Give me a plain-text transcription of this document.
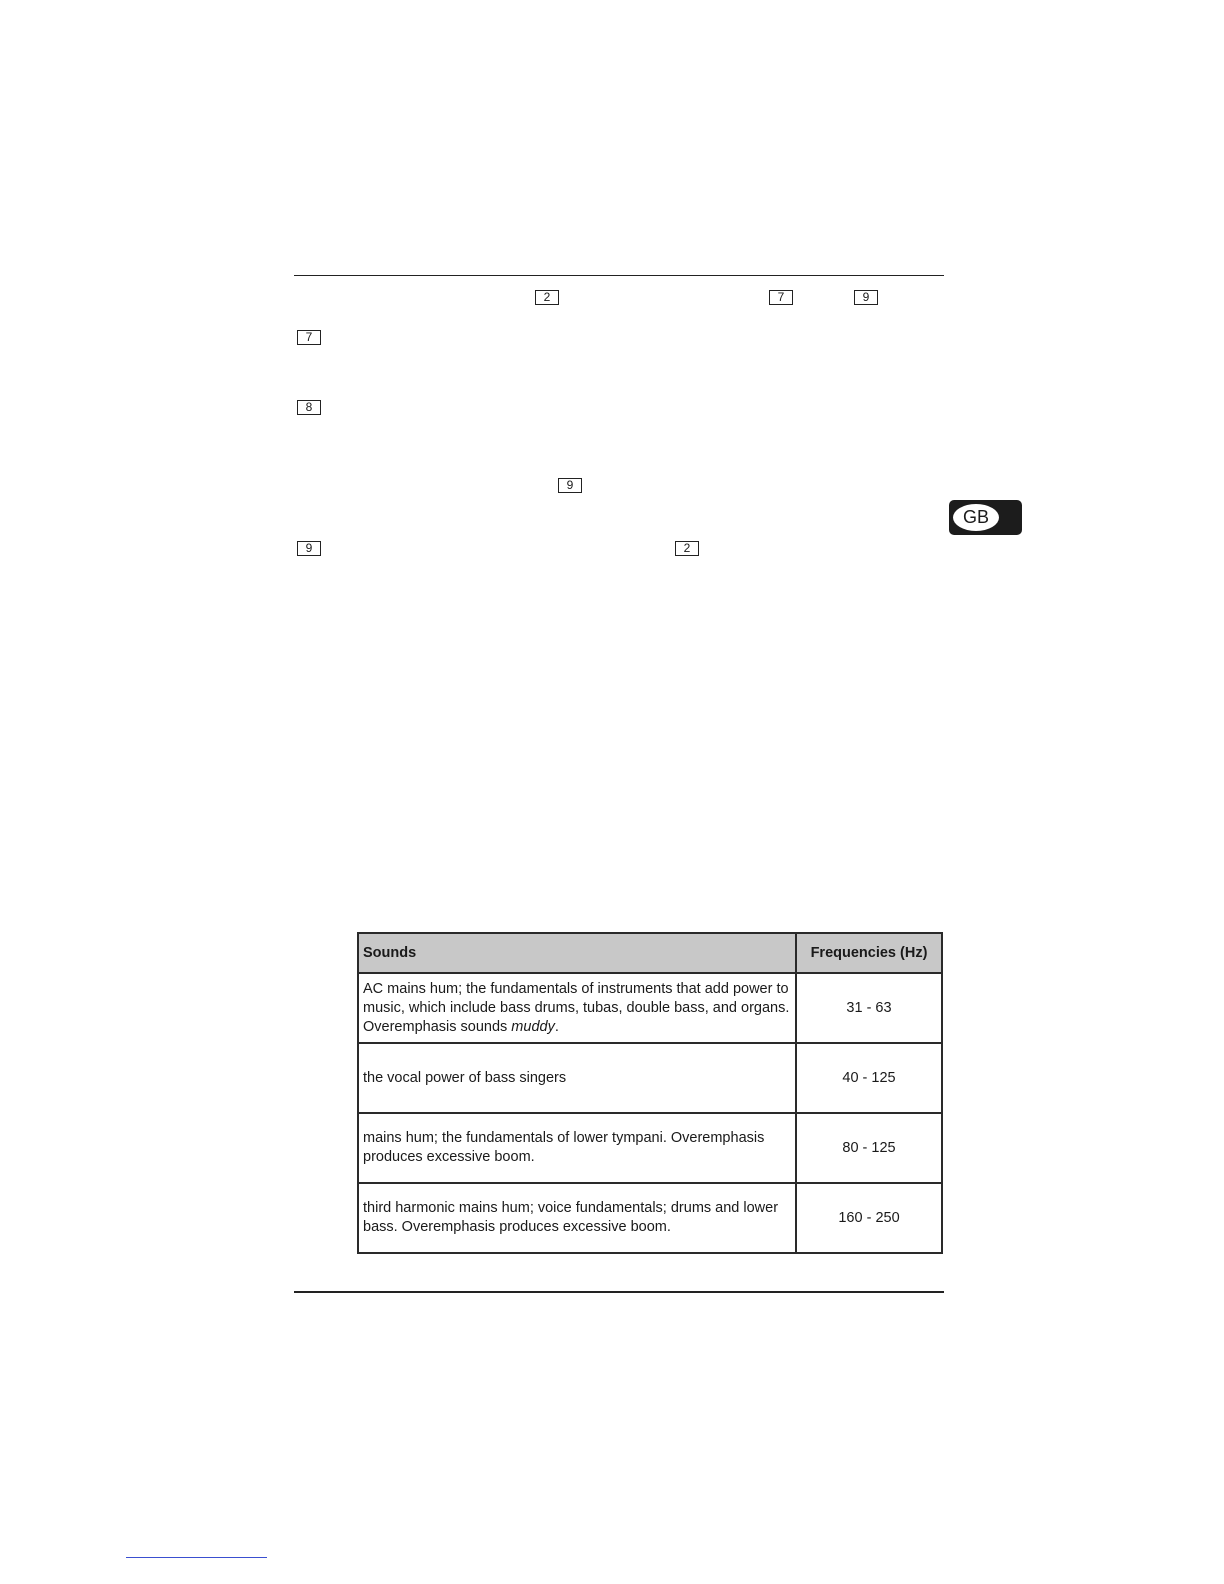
2	7	9
7
8
9
9	2
GB
Sounds	Frequencies (Hz)
AC mains hum; the fundamentals of instruments that add power to music, which include bass drums, tubas, double bass, and organs. Overemphasis sounds muddy.	31 - 63
the vocal power of bass singers	40 - 125
mains hum; the fundamentals of lower tympani. Overemphasis produces excessive boom.	80 - 125
third harmonic mains hum; voice fundamentals; drums and lower bass. Overemphasis produces excessive boom.	160 - 250
